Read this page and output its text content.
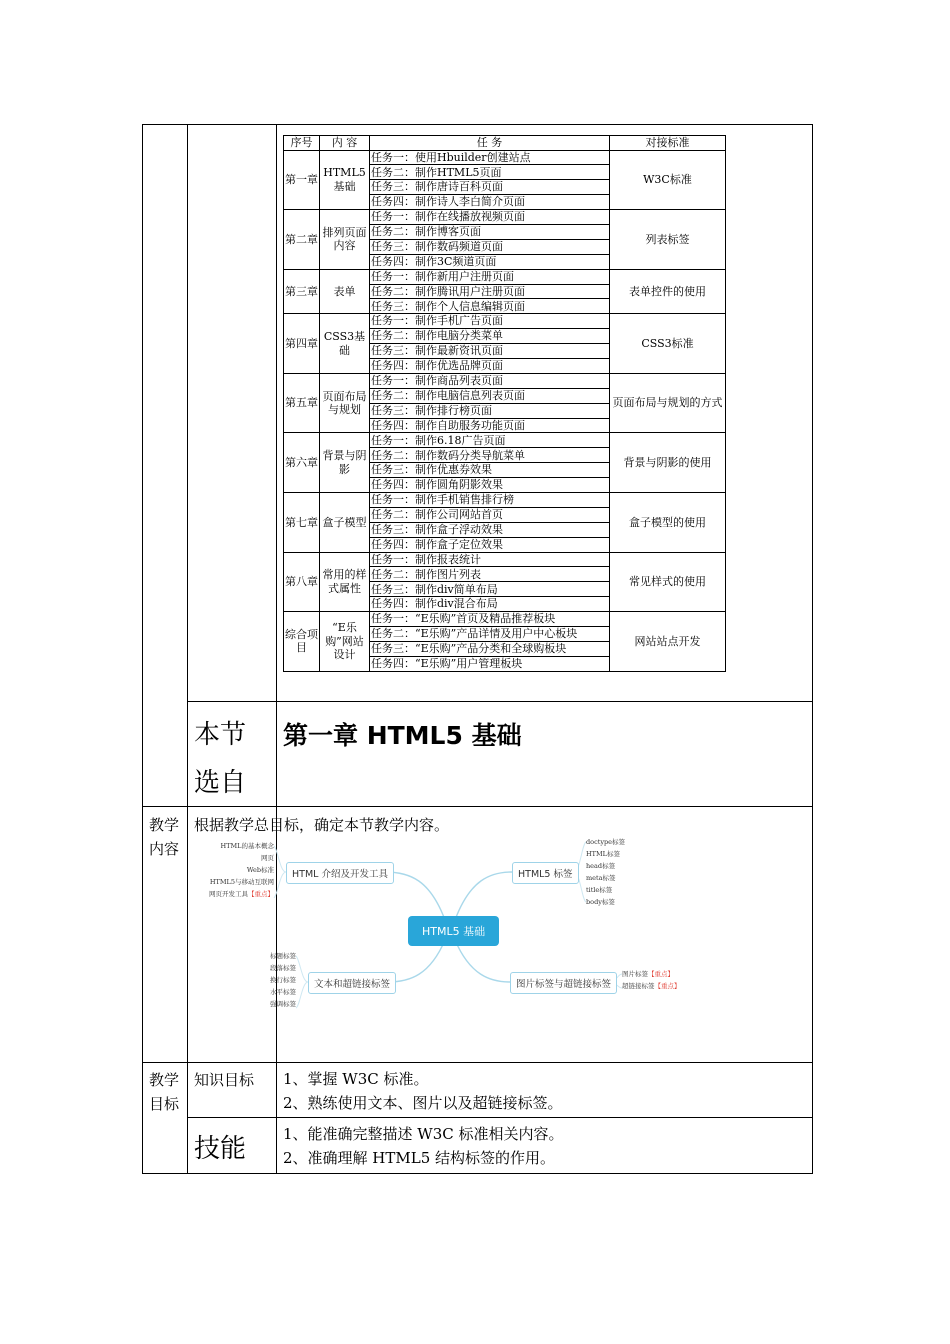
序号	内 容	任 务	对接标准
第一章	HTML5基础	任务一：使用Hbuilder创建站点	W3C标准
		任务二：制作HTML5页面	
		任务三：制作唐诗百科页面	
		任务四：制作诗人李白简介页面	
第二章	排列页面内容	任务一：制作在线播放视频页面	列表标签
		任务二：制作博客页面	
		任务三：制作数码频道页面	
		任务四：制作3C频道页面	
第三章	表单	任务一：制作新用户注册页面	表单控件的使用
		任务二：制作腾讯用户注册页面	
		任务三：制作个人信息编辑页面	
第四章	CSS3基础	任务一：制作手机广告页面	CSS3标准
		任务二：制作电脑分类菜单	
		任务三：制作最新资讯页面	
		任务四：制作优选品牌页面	
第五章	页面布局与规划	任务一：制作商品列表页面	页面布局与规划的方式
		任务二：制作电脑信息列表页面	
		任务三：制作排行榜页面	
		任务四：制作自助服务功能页面	
第六章	背景与阴影	任务一：制作6.18广告页面	背景与阴影的使用
		任务二：制作数码分类导航菜单	
		任务三：制作优惠券效果	
		任务四：制作圆角阴影效果	
第七章	盒子模型	任务一：制作手机销售排行榜	盒子模型的使用
		任务二：制作公司网站首页	
		任务三：制作盒子浮动效果	
		任务四：制作盒子定位效果	
第八章	常用的样式属性	任务一：制作报表统计	常见样式的使用
		任务二：制作图片列表	
		任务三：制作div简单布局	
		任务四：制作div混合布局	
综合项目	“E乐购”网站设计	任务一：“E乐购”首页及精品推荐板块	网站站点开发
		任务二：“E乐购”产品详情及用户中心板块	
		任务三：“E乐购”产品分类和全球购板块	
		任务四：“E乐购”用户管理板块	
本节选自
第一章 HTML5 基础
教学内容
根据教学总目标，确定本节教学内容。
HTML5 基础
HTML 介绍及开发工具	HTML5 标签
文本和超链接标签	图片标签与超链接标签
HTML的基本概念
网页
Web标准
HTML5与移动互联网
网页开发工具【重点】
doctype标签
HTML标签
head标签
meta标签
title标签
body标签
标题标签
段落标签
换行标签
水平标签
强调标签
图片标签【重点】
超链接标签【重点】
教学目标
知识目标 1、掌握 W3C 标准。
2、熟练使用文本、图片以及超链接标签。
技能 1、能准确完整描述 W3C 标准相关内容。
2、准确理解 HTML5 结构标签的作用。
